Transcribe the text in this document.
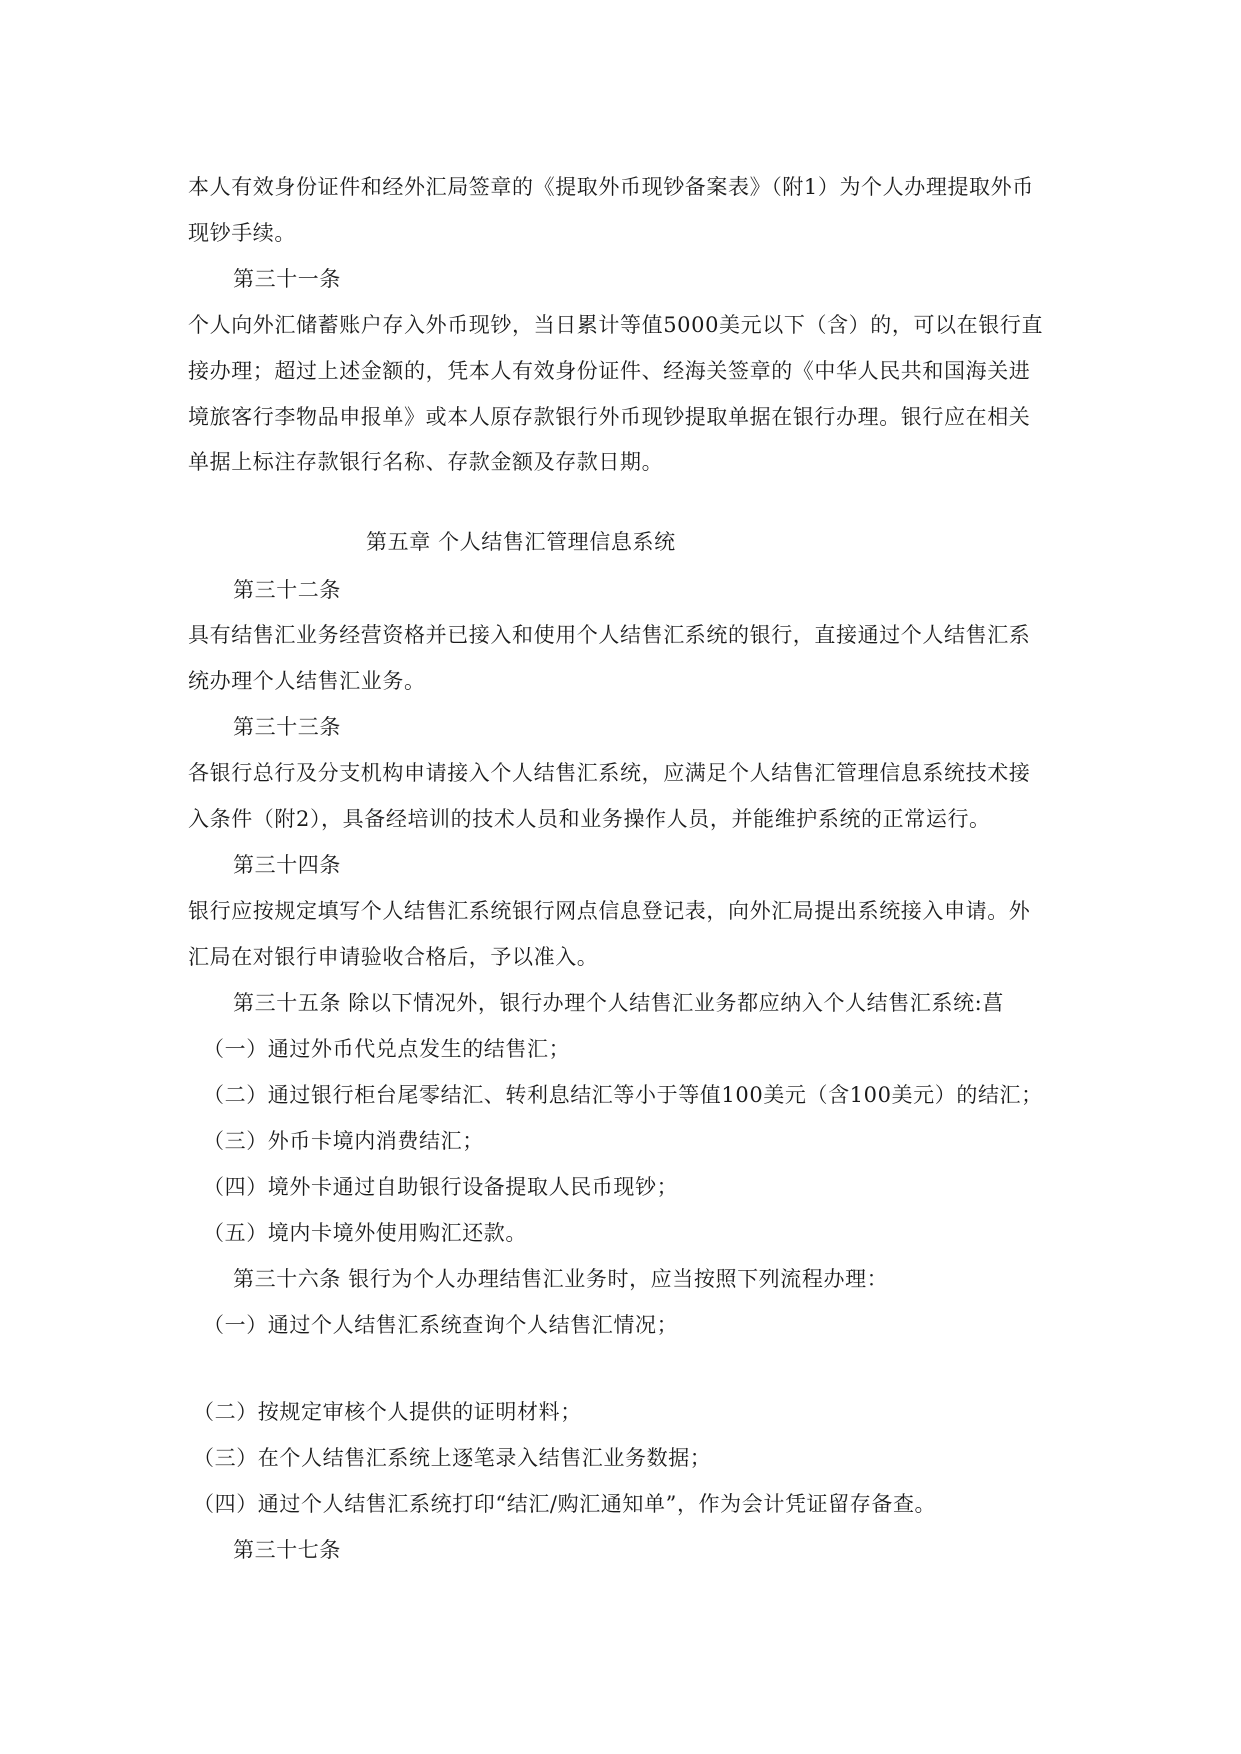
本人有效身份证件和经外汇局签章的《提取外币现钞备案表》（附1）为个人办理提取外币
现钞手续。
第三十一条
个人向外汇储蓄账户存入外币现钞，当日累计等值5000美元以下（含）的，可以在银行直
接办理；超过上述金额的，凭本人有效身份证件、经海关签章的《中华人民共和国海关进
境旅客行李物品申报单》或本人原存款银行外币现钞提取单据在银行办理。银行应在相关
单据上标注存款银行名称、存款金额及存款日期。
第五章 个人结售汇管理信息系统
第三十二条
具有结售汇业务经营资格并已接入和使用个人结售汇系统的银行，直接通过个人结售汇系
统办理个人结售汇业务。
第三十三条
各银行总行及分支机构申请接入个人结售汇系统，应满足个人结售汇管理信息系统技术接
入条件（附2），具备经培训的技术人员和业务操作人员，并能维护系统的正常运行。
第三十四条
银行应按规定填写个人结售汇系统银行网点信息登记表，向外汇局提出系统接入申请。外
汇局在对银行申请验收合格后，予以准入。
第三十五条 除以下情况外，银行办理个人结售汇业务都应纳入个人结售汇系统:菖
（一）通过外币代兑点发生的结售汇；
（二）通过银行柜台尾零结汇、转利息结汇等小于等值100美元（含100美元）的结汇；
（三）外币卡境内消费结汇；
（四）境外卡通过自助银行设备提取人民币现钞；
（五）境内卡境外使用购汇还款。
第三十六条 银行为个人办理结售汇业务时，应当按照下列流程办理：
（一）通过个人结售汇系统查询个人结售汇情况；
（二）按规定审核个人提供的证明材料；
（三）在个人结售汇系统上逐笔录入结售汇业务数据；
（四）通过个人结售汇系统打印“结汇/购汇通知单”，作为会计凭证留存备查。
第三十七条
